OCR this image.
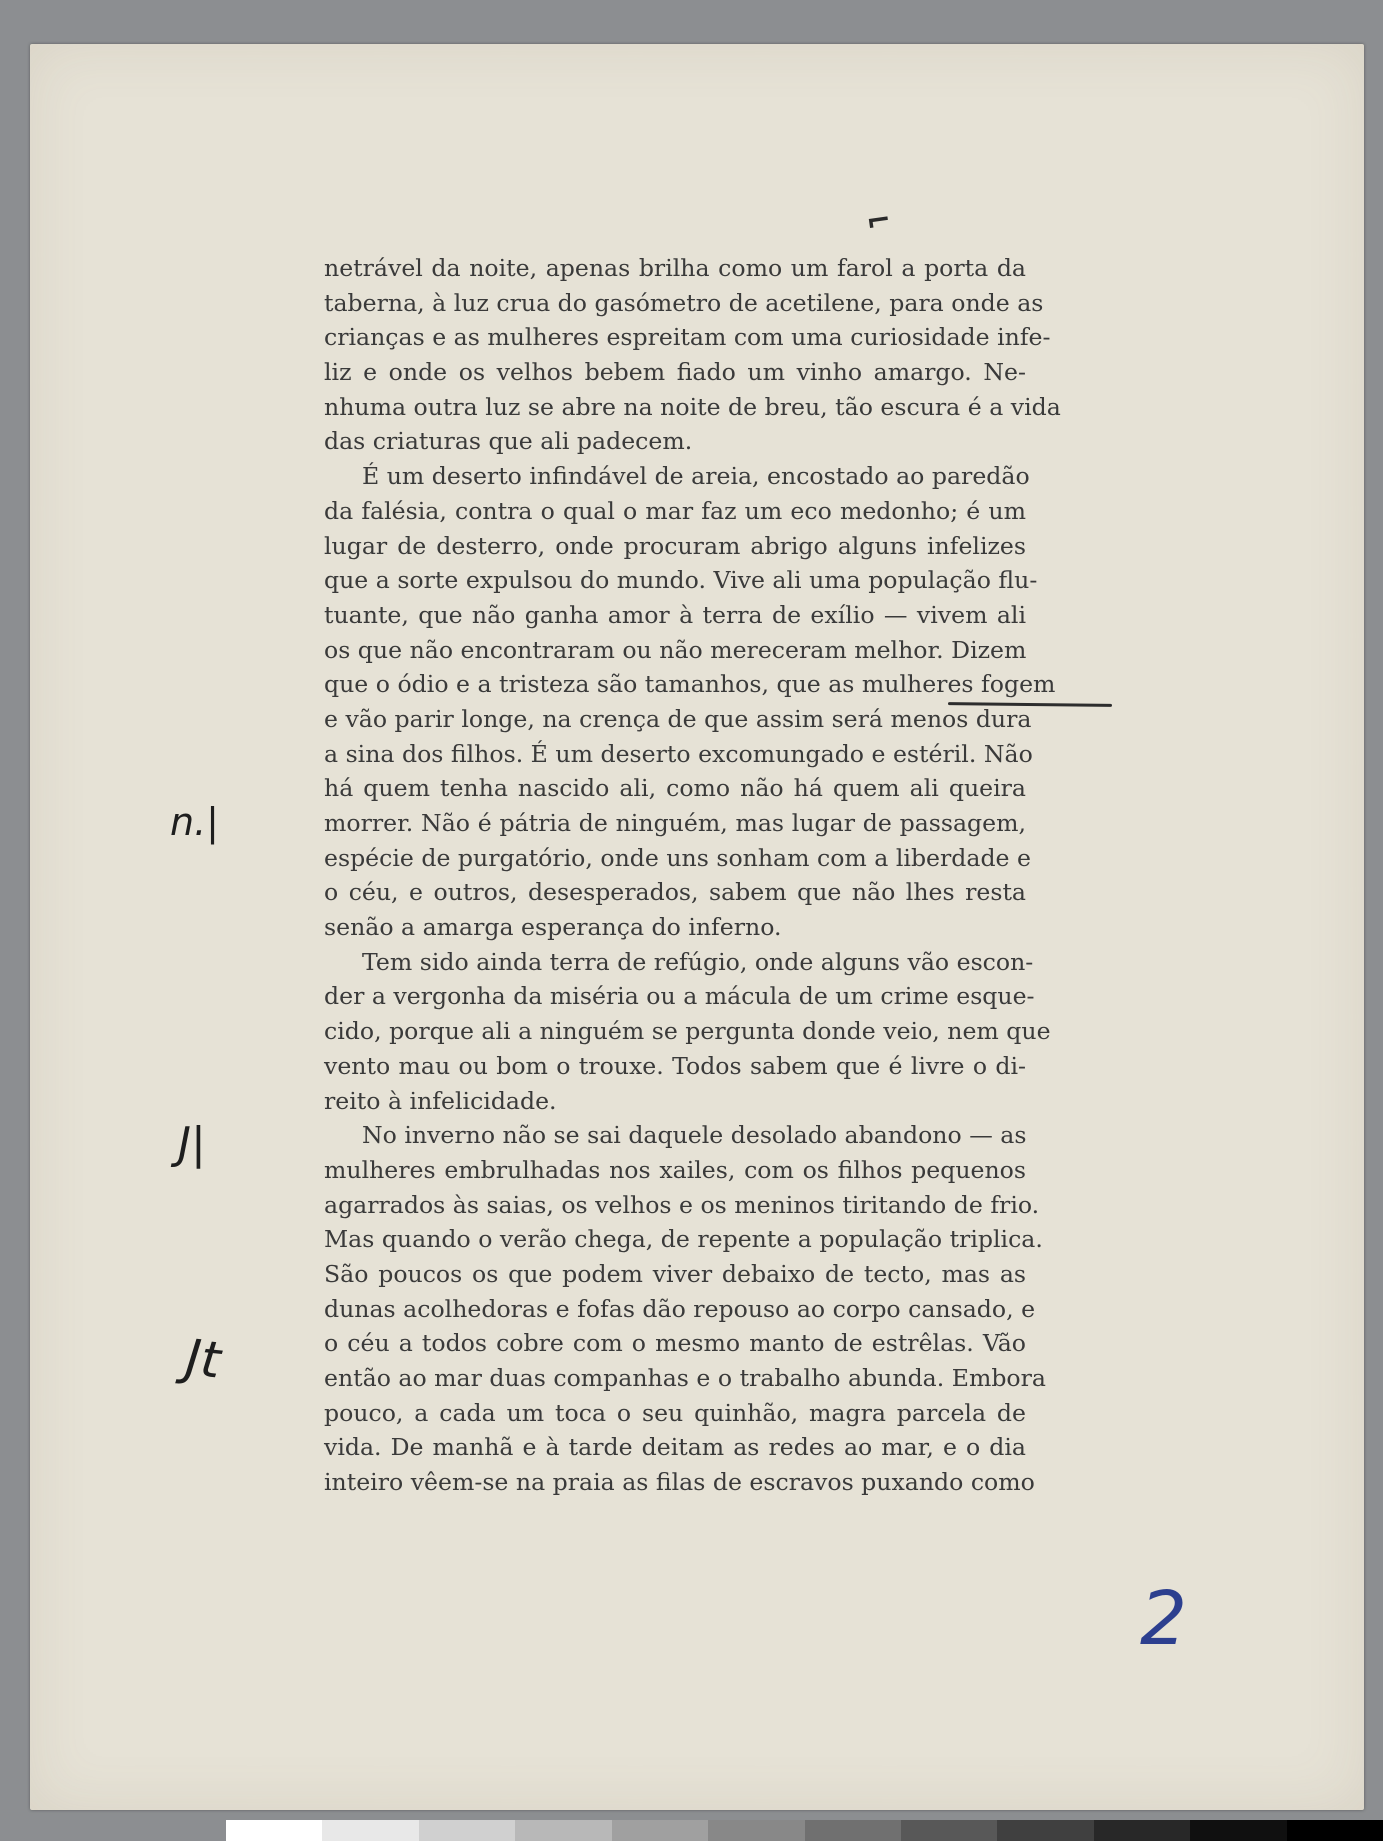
⌐
netrável da noite, apenas brilha como um farol a porta da
taberna, à luz crua do gasómetro de acetilene, para onde as
crianças e as mulheres espreitam com uma curiosidade infe-
liz e onde os velhos bebem fiado um vinho amargo. Ne-
nhuma outra luz se abre na noite de breu, tão escura é a vida
das criaturas que ali padecem.
É um deserto infindável de areia, encostado ao paredão
da falésia, contra o qual o mar faz um eco medonho; é um
lugar de desterro, onde procuram abrigo alguns infelizes
que a sorte expulsou do mundo. Vive ali uma população flu-
tuante, que não ganha amor à terra de exílio — vivem ali
os que não encontraram ou não mereceram melhor. Dizem
que o ódio e a tristeza são tamanhos, que as mulheres fogem
e vão parir longe, na crença de que assim será menos dura
a sina dos filhos. É um deserto excomungado e estéril. Não
há quem tenha nascido ali, como não há quem ali queira
morrer. Não é pátria de ninguém, mas lugar de passagem,
espécie de purgatório, onde uns sonham com a liberdade e
o céu, e outros, desesperados, sabem que não lhes resta
senão a amarga esperança do inferno.
Tem sido ainda terra de refúgio, onde alguns vão escon-
der a vergonha da miséria ou a mácula de um crime esque-
cido, porque ali a ninguém se pergunta donde veio, nem que
vento mau ou bom o trouxe. Todos sabem que é livre o di-
reito à infelicidade.
No inverno não se sai daquele desolado abandono — as
mulheres embrulhadas nos xailes, com os filhos pequenos
agarrados às saias, os velhos e os meninos tiritando de frio.
Mas quando o verão chega, de repente a população triplica.
São poucos os que podem viver debaixo de tecto, mas as
dunas acolhedoras e fofas dão repouso ao corpo cansado, e
o céu a todos cobre com o mesmo manto de estrêlas. Vão
então ao mar duas companhas e o trabalho abunda. Embora
pouco, a cada um toca o seu quinhão, magra parcela de
vida. De manhã e à tarde deitam as redes ao mar, e o dia
inteiro vêem-se na praia as filas de escravos puxando como
n.|
J|
Jt
2
